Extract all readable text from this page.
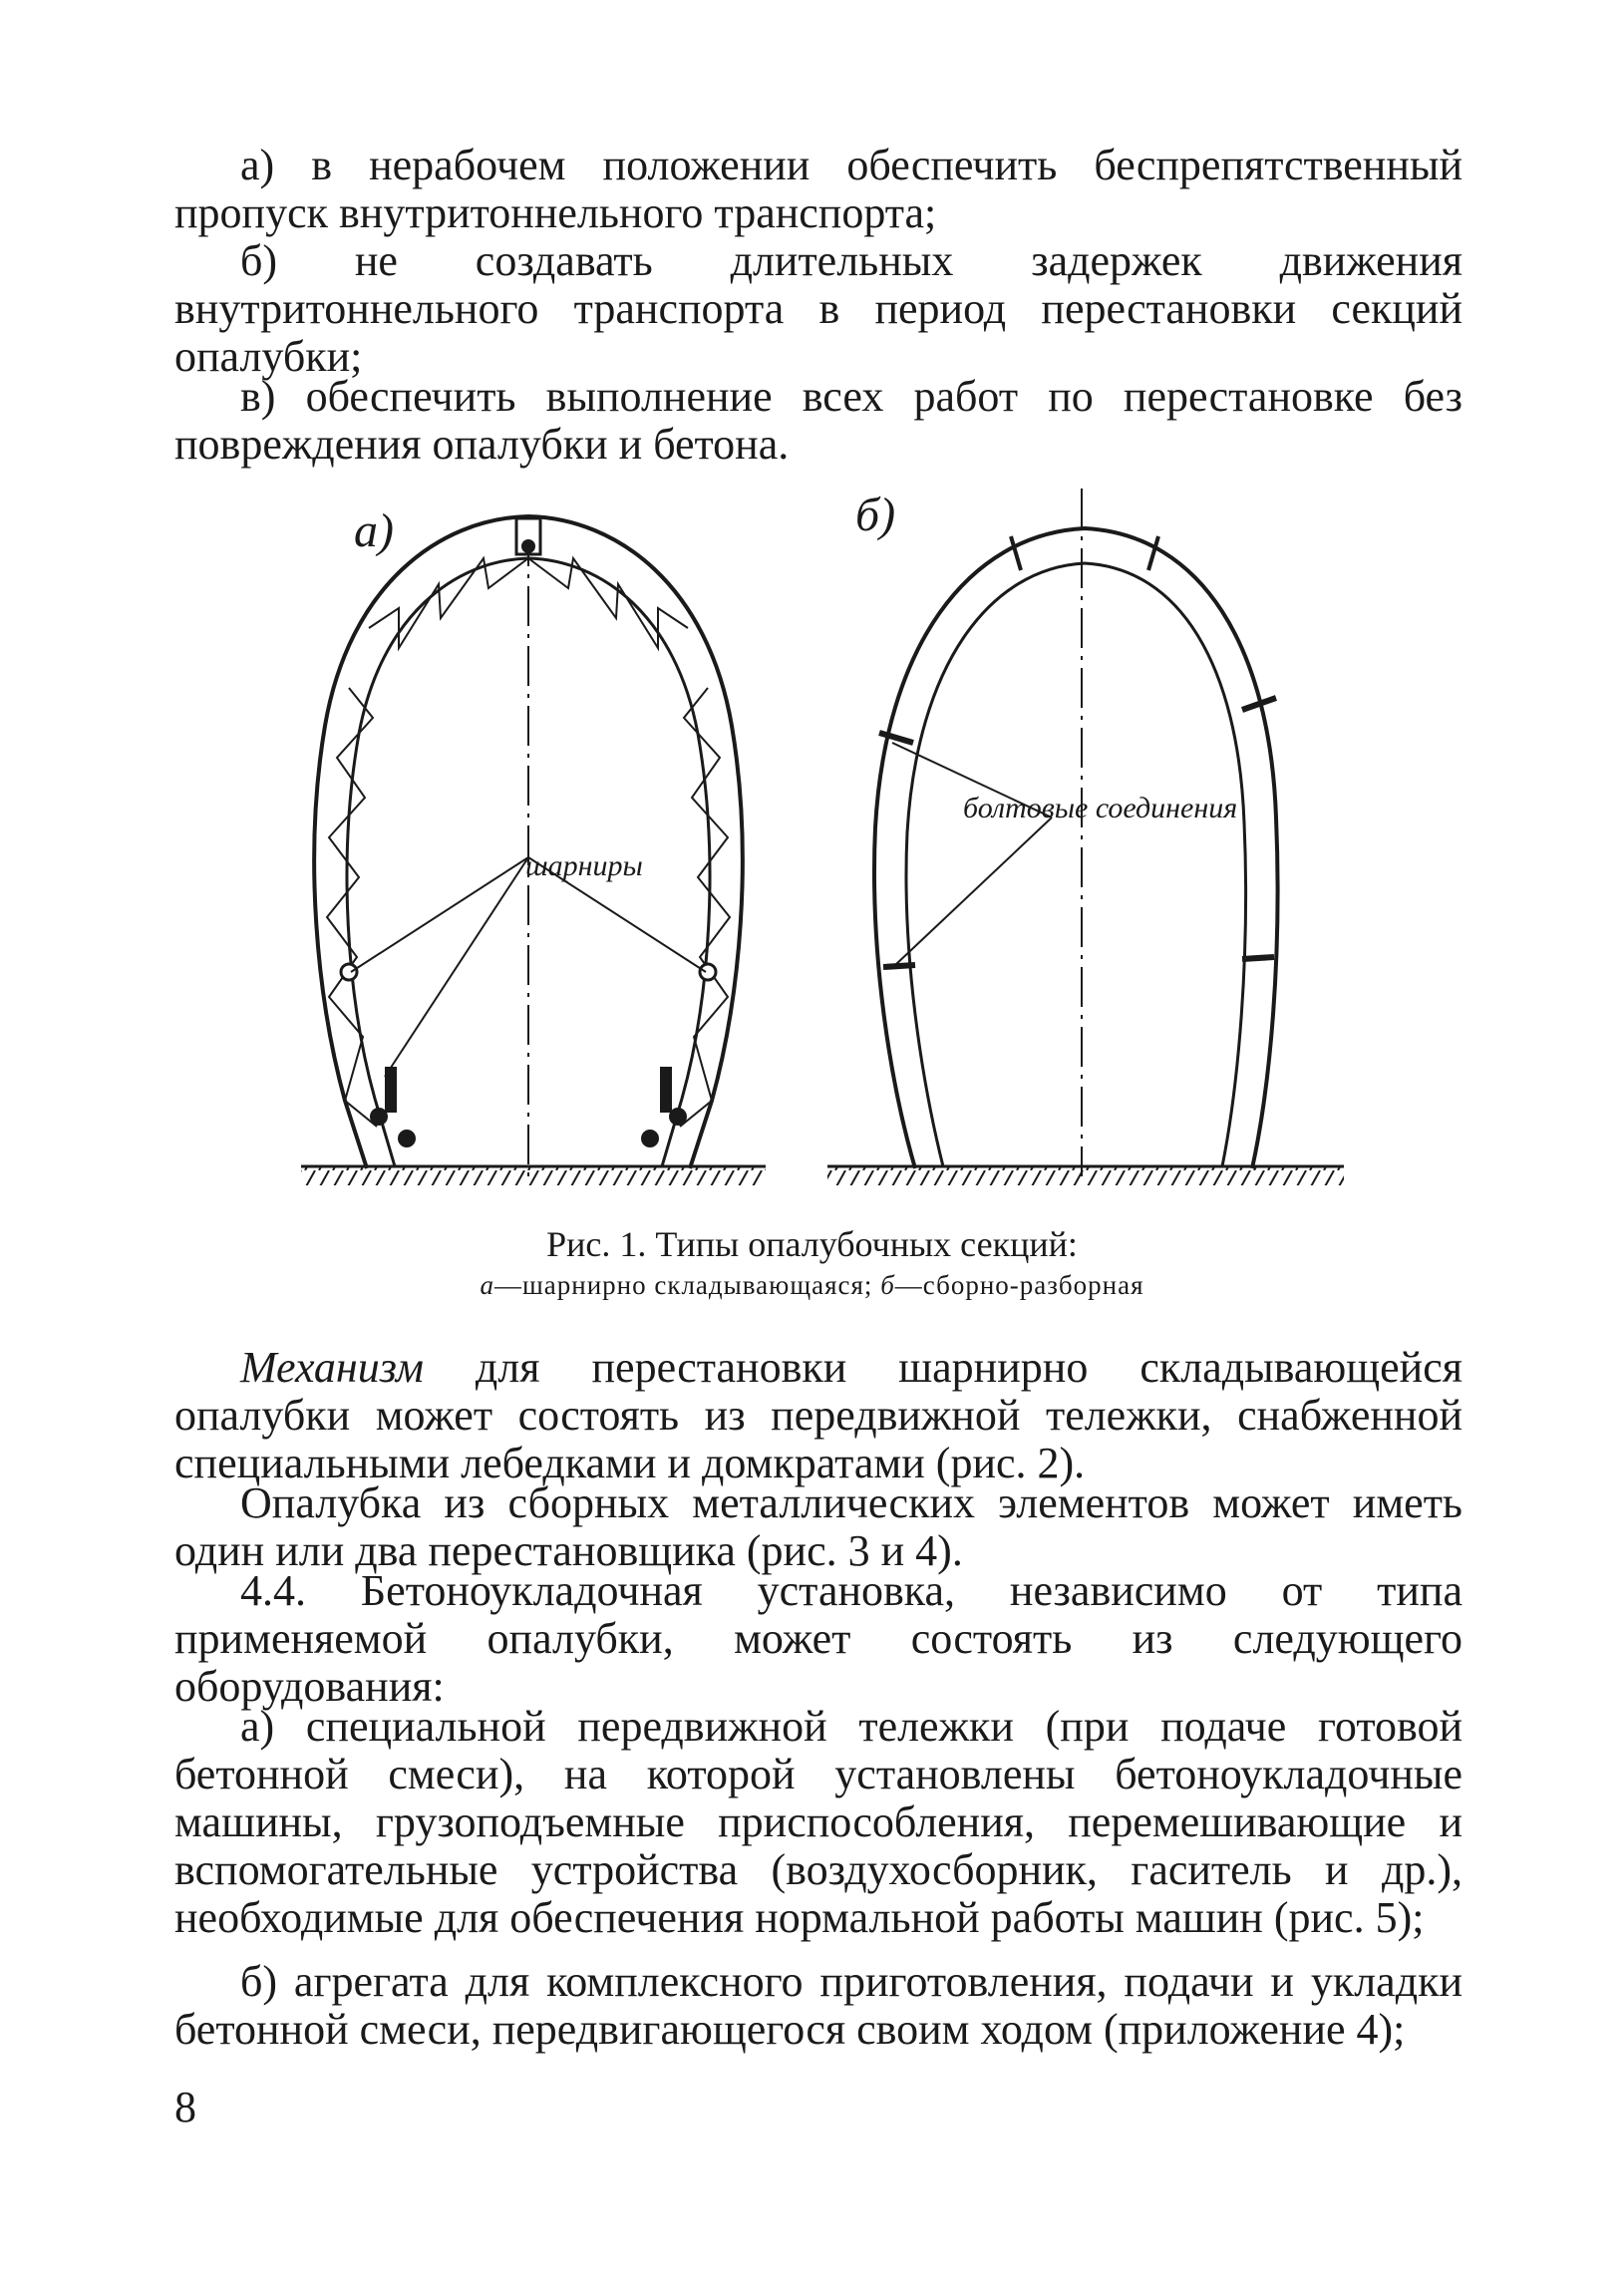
а) в нерабочем положении обеспечить беспрепятственный пропуск внутритоннельного транспорта;

б) не создавать длительных задержек движения внутритоннельного транспорта в период перестановки секций опалубки;

в) обеспечить выполнение всех работ по перестановке без повреждения опалубки и бетона.

а)	б)
шарниры
болтовые соединения
Рис. 1. Типы опалубочных секций:
а—шарнирно складывающаяся; б—сборно-разборная

Механизм для перестановки шарнирно складывающейся опалубки может состоять из передвижной тележки, снабженной специальными лебедками и домкратами (рис. 2).

Опалубка из сборных металлических элементов может иметь один или два перестановщика (рис. 3 и 4).

4.4. Бетоноукладочная установка, независимо от типа применяемой опалубки, может состоять из следующего оборудования:

а) специальной передвижной тележки (при подаче готовой бетонной смеси), на которой установлены бетоноукладочные машины, грузоподъемные приспособления, перемешивающие и вспомогательные устройства (воздухосборник, гаситель и др.), необходимые для обеспечения нормальной работы машин (рис. 5);

б) агрегата для комплексного приготовления, подачи и укладки бетонной смеси, передвигающегося своим ходом (приложение 4);

8
